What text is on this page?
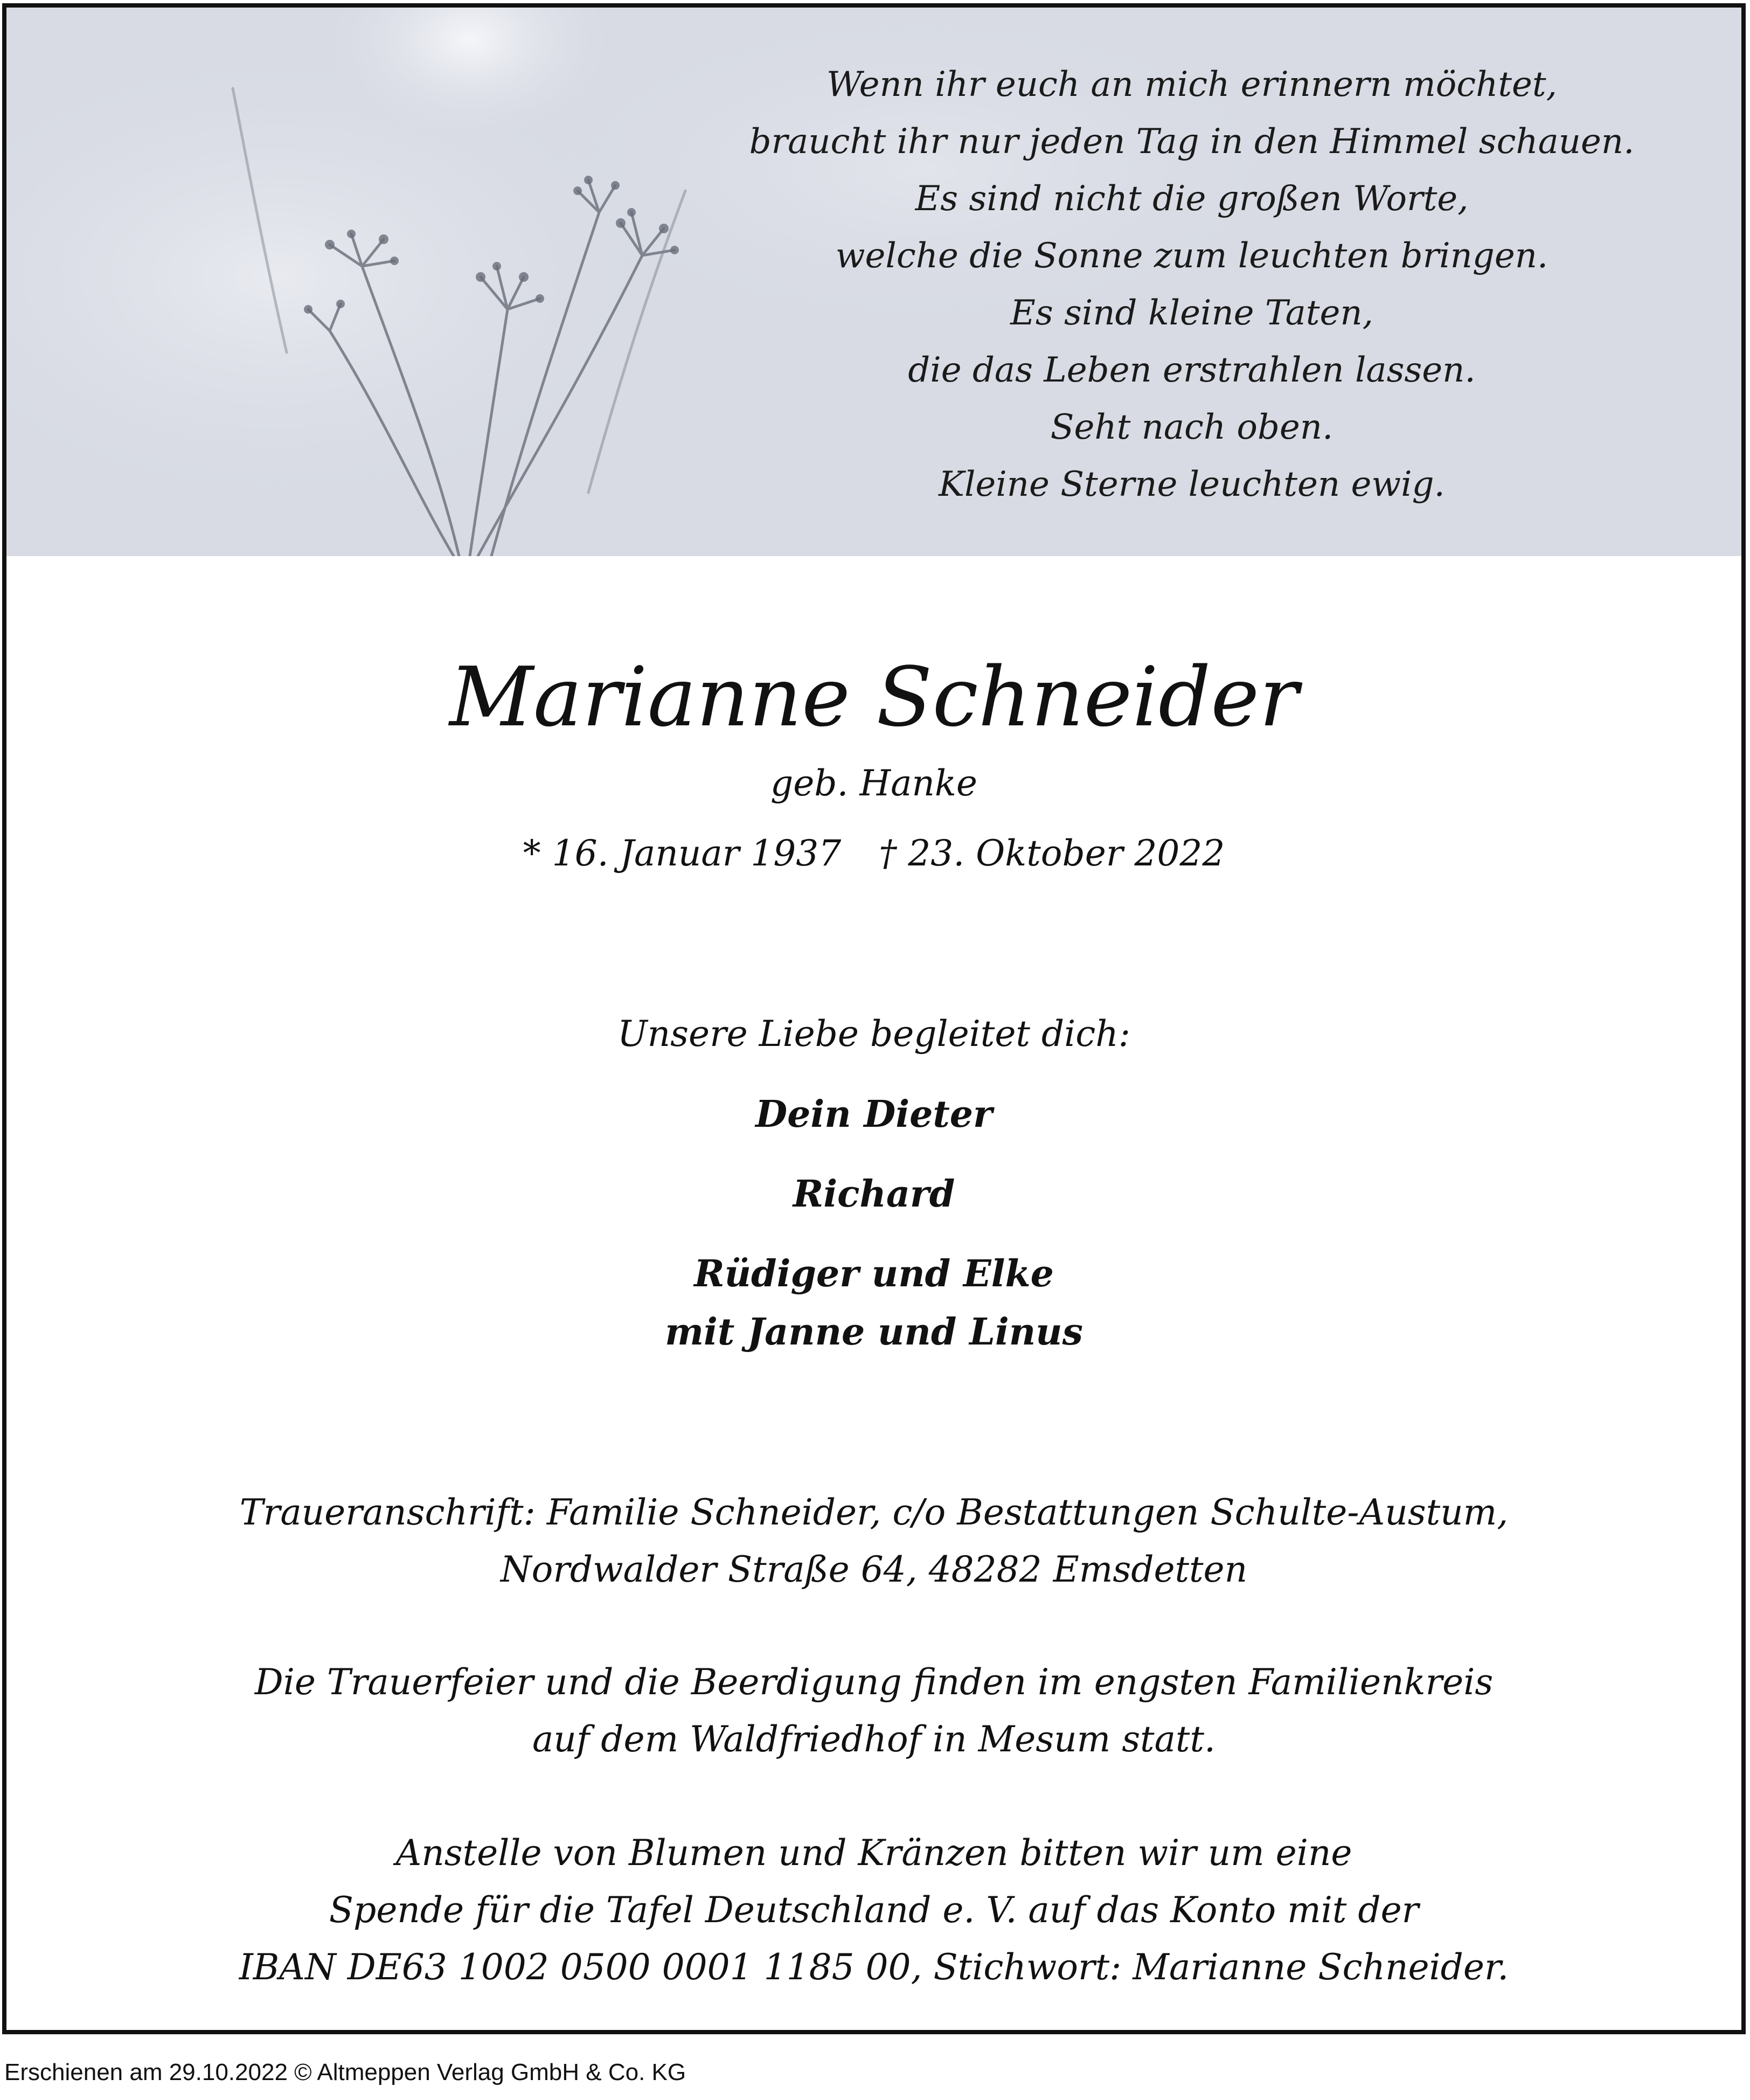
Wenn ihr euch an mich erinnern möchtet,
braucht ihr nur jeden Tag in den Himmel schauen.
Es sind nicht die großen Worte,
welche die Sonne zum leuchten bringen.
Es sind kleine Taten,
die das Leben erstrahlen lassen.
Seht nach oben.
Kleine Sterne leuchten ewig.
Marianne Schneider
geb. Hanke
* 16. Januar 1937 † 23. Oktober 2022
Unsere Liebe begleitet dich:
Dein Dieter
Richard
Rüdiger und Elke
mit Janne und Linus
Traueranschrift: Familie Schneider, c/o Bestattungen Schulte-Austum,
Nordwalder Straße 64, 48282 Emsdetten
Die Trauerfeier und die Beerdigung finden im engsten Familienkreis
auf dem Waldfriedhof in Mesum statt.
Anstelle von Blumen und Kränzen bitten wir um eine
Spende für die Tafel Deutschland e. V. auf das Konto mit der
IBAN DE63 1002 0500 0001 1185 00, Stichwort: Marianne Schneider.
Erschienen am 29.10.2022 © Altmeppen Verlag GmbH & Co. KG
